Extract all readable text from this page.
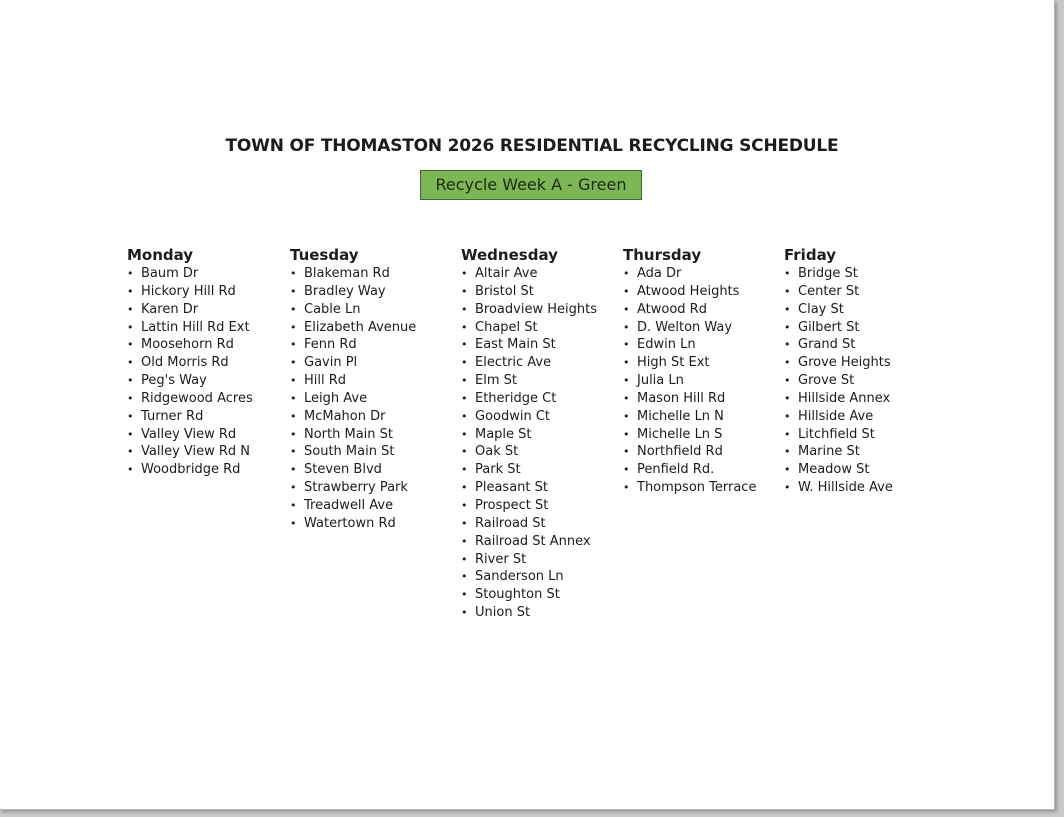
TOWN OF THOMASTON 2026 RESIDENTIAL RECYCLING SCHEDULE
Recycle Week A - Green
Monday
• Baum Dr
• Hickory Hill Rd
• Karen Dr
• Lattin Hill Rd Ext
• Moosehorn Rd
• Old Morris Rd
• Peg's Way
• Ridgewood Acres
• Turner Rd
• Valley View Rd
• Valley View Rd N
• Woodbridge Rd
Tuesday
• Blakeman Rd
• Bradley Way
• Cable Ln
• Elizabeth Avenue
• Fenn Rd
• Gavin Pl
• Hill Rd
• Leigh Ave
• McMahon Dr
• North Main St
• South Main St
• Steven Blvd
• Strawberry Park
• Treadwell Ave
• Watertown Rd
Wednesday
• Altair Ave
• Bristol St
• Broadview Heights
• Chapel St
• East Main St
• Electric Ave
• Elm St
• Etheridge Ct
• Goodwin Ct
• Maple St
• Oak St
• Park St
• Pleasant St
• Prospect St
• Railroad St
• Railroad St Annex
• River St
• Sanderson Ln
• Stoughton St
• Union St
Thursday
• Ada Dr
• Atwood Heights
• Atwood Rd
• D. Welton Way
• Edwin Ln
• High St Ext
• Julia Ln
• Mason Hill Rd
• Michelle Ln N
• Michelle Ln S
• Northfield Rd
• Penfield Rd.
• Thompson Terrace
Friday
• Bridge St
• Center St
• Clay St
• Gilbert St
• Grand St
• Grove Heights
• Grove St
• Hillside Annex
• Hillside Ave
• Litchfield St
• Marine St
• Meadow St
• W. Hillside Ave
